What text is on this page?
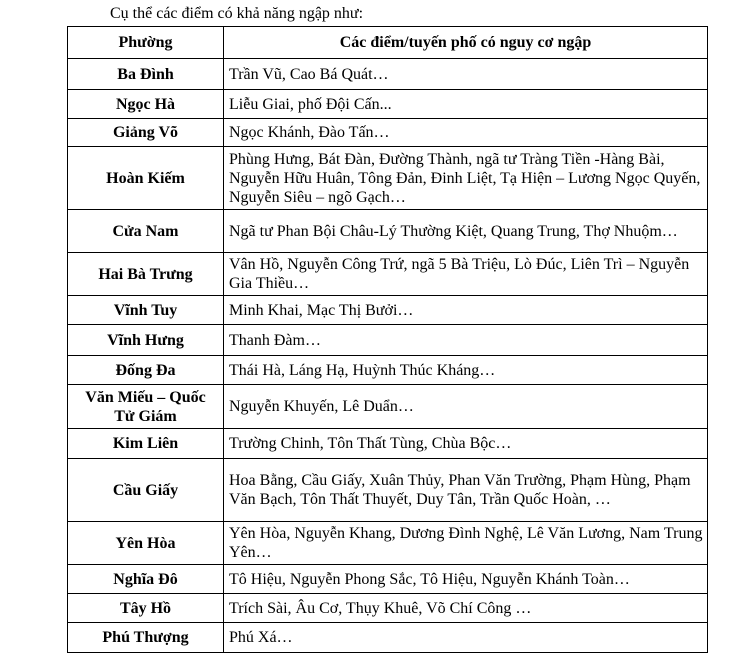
Cụ thể các điểm có khả năng ngập như:
Phường	Các điểm/tuyến phố có nguy cơ ngập
Ba Đình	Trần Vũ, Cao Bá Quát…
Ngọc Hà	Liễu Giai, phố Đội Cấn...
Giảng Võ	Ngọc Khánh, Đào Tấn…
Hoàn Kiếm	Phùng Hưng, Bát Đàn, Đường Thành, ngã tư Tràng Tiền -Hàng Bài, Nguyễn Hữu Huân, Tông Đản, Đinh Liệt, Tạ Hiện – Lương Ngọc Quyến, Nguyễn Siêu – ngõ Gạch…
Cửa Nam	Ngã tư Phan Bội Châu-Lý Thường Kiệt, Quang Trung, Thợ Nhuộm…
Hai Bà Trưng	Vân Hồ, Nguyễn Công Trứ, ngã 5 Bà Triệu, Lò Đúc, Liên Trì – Nguyễn Gia Thiều…
Vĩnh Tuy	Minh Khai, Mạc Thị Bưởi…
Vĩnh Hưng	Thanh Đàm…
Đống Đa	Thái Hà, Láng Hạ, Huỳnh Thúc Kháng…
Văn Miếu – Quốc Tử Giám	Nguyễn Khuyến, Lê Duẩn…
Kim Liên	Trường Chinh, Tôn Thất Tùng, Chùa Bộc…
Cầu Giấy	Hoa Bằng, Cầu Giấy, Xuân Thủy, Phan Văn Trường, Phạm Hùng, Phạm Văn Bạch, Tôn Thất Thuyết, Duy Tân, Trần Quốc Hoàn, …
Yên Hòa	Yên Hòa, Nguyễn Khang, Dương Đình Nghệ, Lê Văn Lương, Nam Trung Yên…
Nghĩa Đô	Tô Hiệu, Nguyễn Phong Sắc, Tô Hiệu, Nguyễn Khánh Toàn…
Tây Hồ	Trích Sài, Âu Cơ, Thụy Khuê, Võ Chí Công …
Phú Thượng	Phú Xá…
